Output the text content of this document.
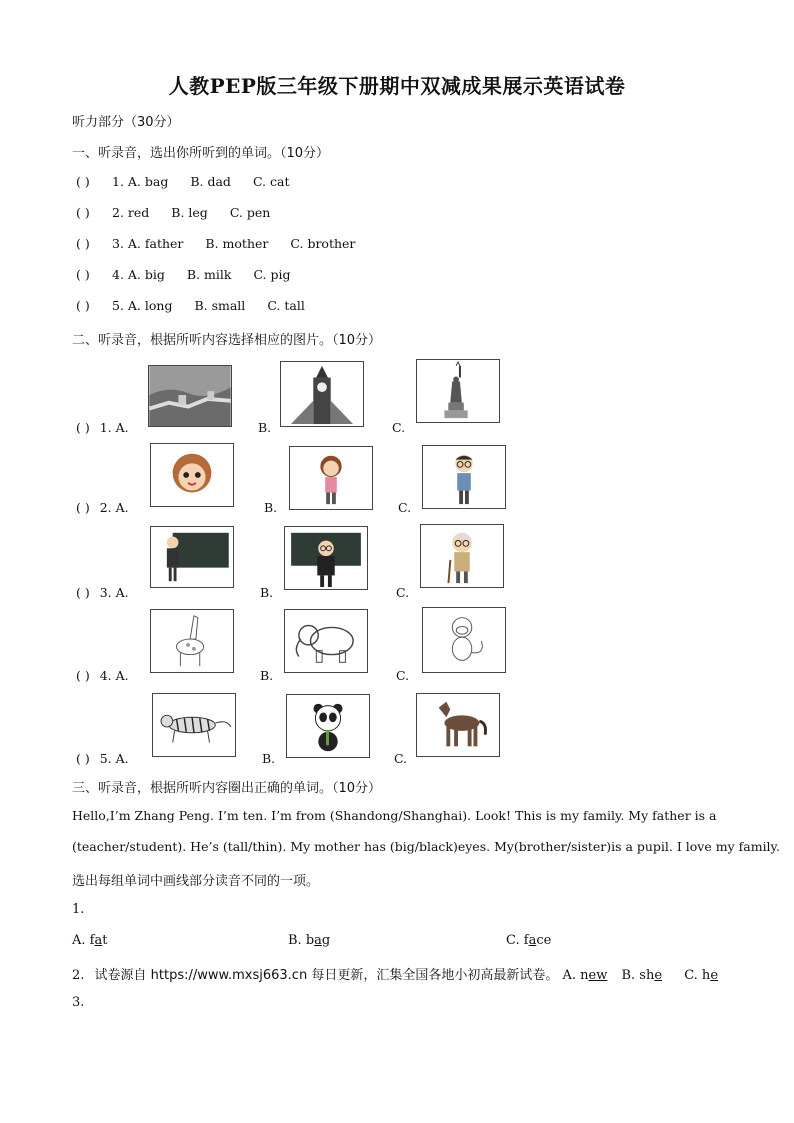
人教PEP版三年级下册期中双减成果展示英语试卷
听力部分（30分）
一、听录音，选出你所听到的单词。（10分）
( ) 1. A. bag B. dad C. cat
( ) 2. red B. leg C. pen
( ) 3. A. father B. mother C. brother
( ) 4. A. big B. milk C. pig
( ) 5. A. long B. small C. tall
二、听录音，根据所听内容选择相应的图片。（10分）
( ) 1. A.	B.	C.
( ) 2. A.	B.	C.
( ) 3. A.	B.	C.
( ) 4. A.	B.	C.
( ) 5. A.	B.	C.
三、听录音，根据所听内容圈出正确的单词。（10分）
Hello,I’m Zhang Peng. I’m ten. I’m from (Shandong/Shanghai). Look! This is my family. My father is a
(teacher/student). He’s (tall/thin). My mother has (big/black)eyes. My(brother/sister)is a pupil. I love my family.
选出每组单词中画线部分读音不同的一项。
1.
A. fat	B. bag	C. face
2. 试卷源自 https://www.mxsj663.cn 每日更新，汇集全国各地小初高最新试卷。 A. new B. she C. he
3.
